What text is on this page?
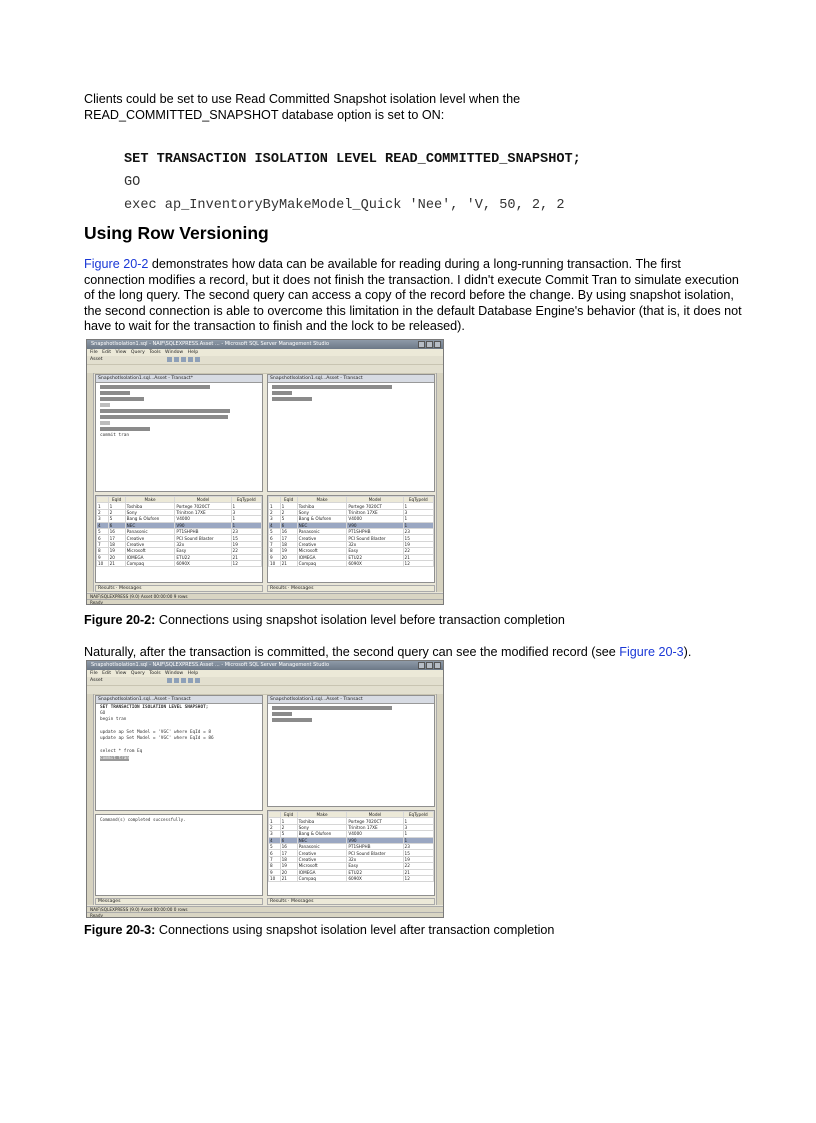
Clients could be set to use Read Committed Snapshot isolation level when the READ_COMMITTED_SNAPSHOT database option is set to ON:
SET TRANSACTION ISOLATION LEVEL READ_COMMITTED_SNAPSHOT;
GO
exec ap_InventoryByMakeModel_Quick 'Nee', 'V, 50, 2, 2
Using Row Versioning
Figure 20-2 demonstrates how data can be available for reading during a long-running transaction. The first connection modifies a record, but it does not finish the transaction. I didn't execute Commit Tran to simulate execution of the long query. The second query can access a copy of the record before the change. By using snapshot isolation, the second connection is able to overcome this limitation in the default Database Engine's behavior (that is, it does not have to wait for the transaction to finish and the lock to be released).
SnapshotIsolation1.sql - NAIF\SQLEXPRESS.Asset ... - Microsoft SQL Server Management Studio
File Edit View Query Tools Window Help
Asset
SnapshotIsolation1.sql...Asset - Transact*
commit tran
SnapshotIsolation1.sql...Asset - Transact
	EqId	Make	Model	EqTypeId
1	1	Toshiba	Portege 7020CT	1
2	2	Sony	Trinitron 17XE	3
3	5	Bang & Olufsen	V4000	1
4	6	NEC	V90	1
5	16	Panasonic	PT1SHPHB	23
6	17	Creative	PCI Sound Blaster	15
7	18	Creative	32x	19
8	19	Microsoft	Easy	22
9	20	IOMEGA	ETU22	21
10	21	Compaq	6090X	12
	EqId	Make	Model	EqTypeId
1	1	Toshiba	Portege 7020CT	1
2	2	Sony	Trinitron 17XE	3
3	5	Bang & Olufsen	V4000	1
4	6	NEC	V90	1
5	16	Panasonic	PT1SHPHB	23
6	17	Creative	PCI Sound Blaster	15
7	18	Creative	32x	19
8	19	Microsoft	Easy	22
9	20	IOMEGA	ETU22	21
10	21	Compaq	6090X	12
Results · Messages	Results · Messages
NAIF\SQLEXPRESS (9.0) Asset 00:00:00 9 rows
Ready
Figure 20-2: Connections using snapshot isolation level before transaction completion
Naturally, after the transaction is committed, the second query can see the modified record (see Figure 20-3).
SnapshotIsolation1.sql - NAIF\SQLEXPRESS.Asset ... - Microsoft SQL Server Management Studio
File Edit View Query Tools Window Help
Asset
SnapshotIsolation1.sql...Asset - Transact
SET TRANSACTION ISOLATION LEVEL SNAPSHOT;
GO
begin tran
update ap Set Model = 'VGC' where EqId = 8
update ap Set Model = 'VGC' where EqId = 86
select * from Eq
commit tran
SnapshotIsolation1.sql...Asset - Transact
Command(s) completed successfully.
	EqId	Make	Model	EqTypeId
1	1	Toshiba	Portege 7020CT	1
2	2	Sony	Trinitron 17XE	3
3	5	Bang & Olufsen	V4000	1
4	6	NEC	V90	1
5	16	Panasonic	PT1SHPHB	23
6	17	Creative	PCI Sound Blaster	15
7	18	Creative	32x	19
8	19	Microsoft	Easy	22
9	20	IOMEGA	ETU22	21
10	21	Compaq	6090X	12
Messages	Results · Messages
NAIF\SQLEXPRESS (9.0) Asset 00:00:00 0 rows
Ready
Figure 20-3: Connections using snapshot isolation level after transaction completion
